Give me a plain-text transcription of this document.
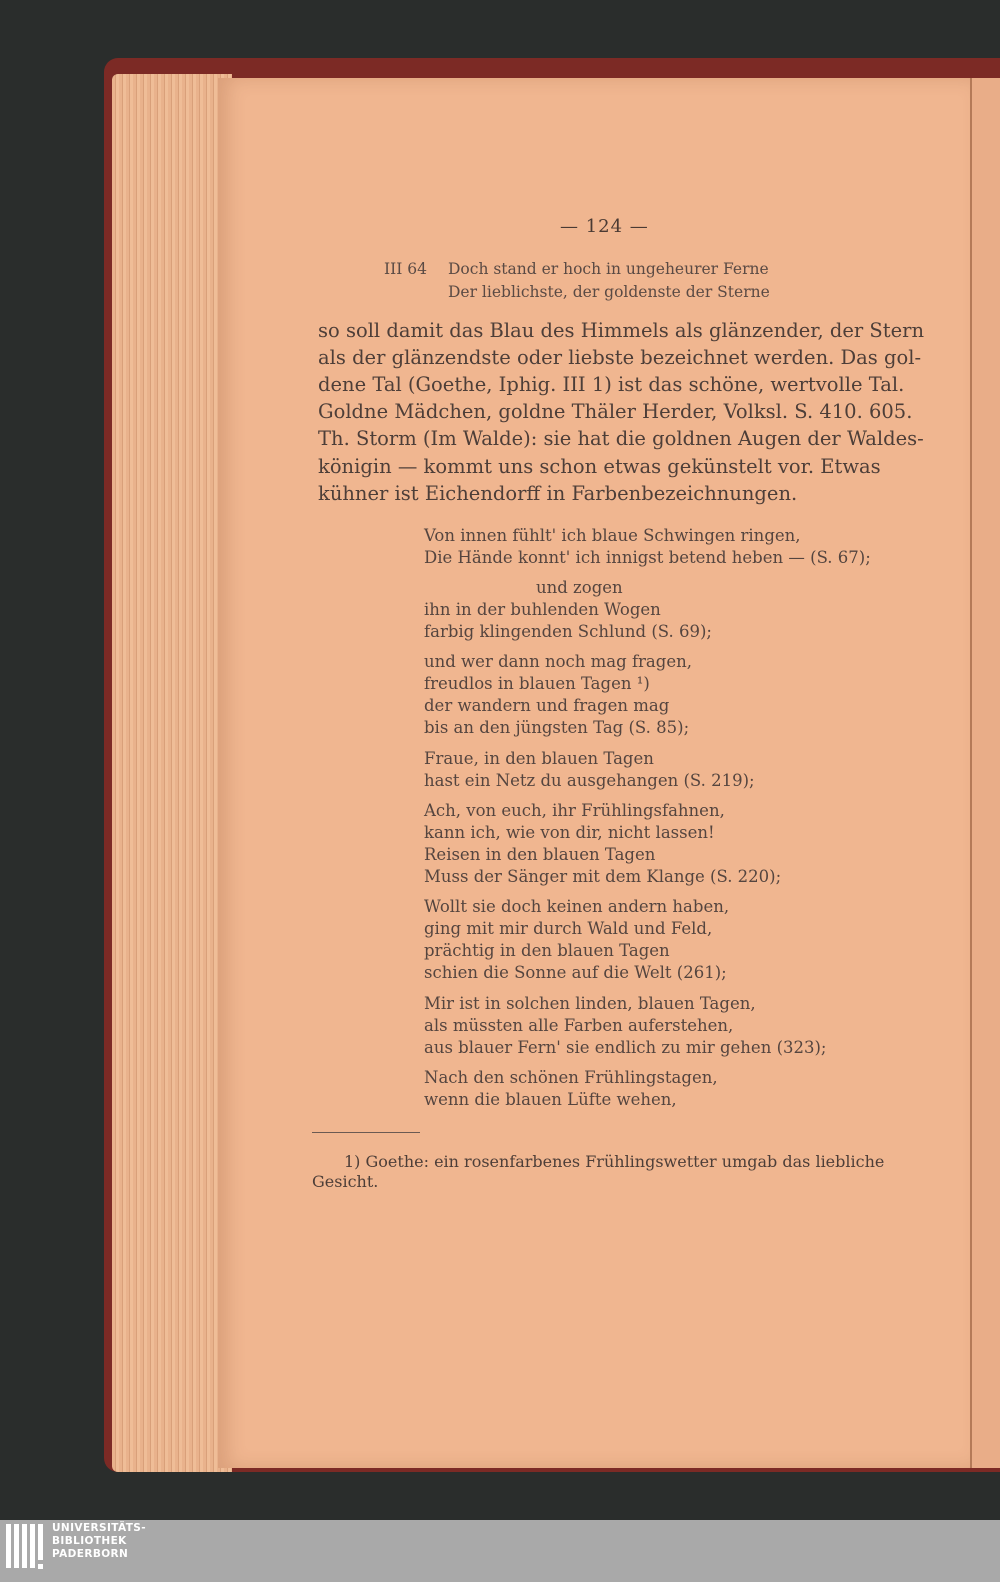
— 124 —
III 64 Doch stand er hoch in ungeheurer Ferne
Der lieblichste, der goldenste der Sterne
so soll damit das Blau des Himmels als glänzender, der Stern
als der glänzendste oder liebste bezeichnet werden. Das gol-
dene Tal (Goethe, Iphig. III 1) ist das schöne, wertvolle Tal.
Goldne Mädchen, goldne Thäler Herder, Volksl. S. 410. 605.
Th. Storm (Im Walde): sie hat die goldnen Augen der Waldes-
königin — kommt uns schon etwas gekünstelt vor. Etwas
kühner ist Eichendorff in Farbenbezeichnungen.
Von innen fühlt' ich blaue Schwingen ringen,
Die Hände konnt' ich innigst betend heben — (S. 67);
und zogen
ihn in der buhlenden Wogen
farbig klingenden Schlund (S. 69);
und wer dann noch mag fragen,
freudlos in blauen Tagen ¹)
der wandern und fragen mag
bis an den jüngsten Tag (S. 85);
Fraue, in den blauen Tagen
hast ein Netz du ausgehangen (S. 219);
Ach, von euch, ihr Frühlingsfahnen,
kann ich, wie von dir, nicht lassen!
Reisen in den blauen Tagen
Muss der Sänger mit dem Klange (S. 220);
Wollt sie doch keinen andern haben,
ging mit mir durch Wald und Feld,
prächtig in den blauen Tagen
schien die Sonne auf die Welt (261);
Mir ist in solchen linden, blauen Tagen,
als müssten alle Farben auferstehen,
aus blauer Fern' sie endlich zu mir gehen (323);
Nach den schönen Frühlingstagen,
wenn die blauen Lüfte wehen,
1) Goethe: ein rosenfarbenes Frühlingswetter umgab das liebliche
Gesicht.
UNIVERSITÄTS-
BIBLIOTHEK
PADERBORN
